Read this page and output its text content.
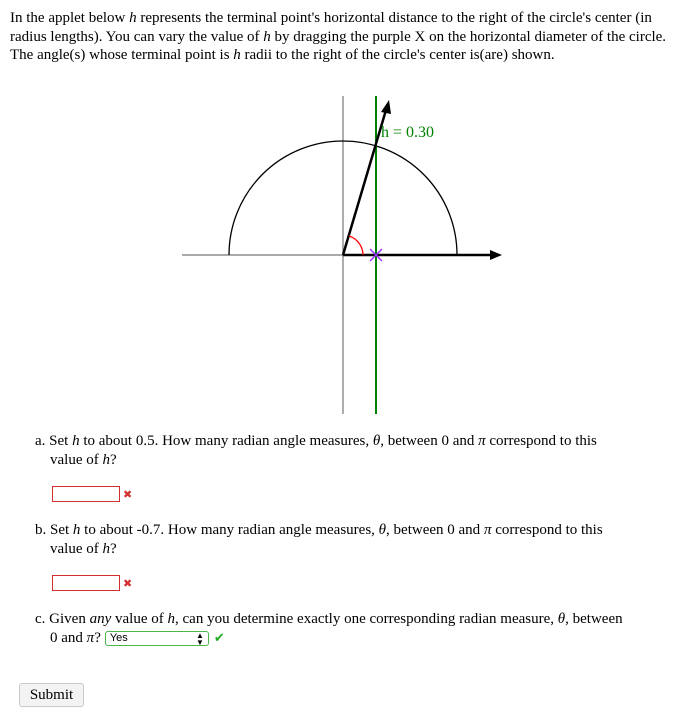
In the applet below h represents the terminal point's horizontal distance to the right of the circle's center (in radius lengths). You can vary the value of h by dragging the purple X on the horizontal diameter of the circle. The angle(s) whose terminal point is h radii to the right of the circle's center is(are) shown.
h = 0.30
a. Set h to about 0.5. How many radian angle measures, θ, between 0 and π correspond to this
value of h?
✖
b. Set h to about -0.7. How many radian angle measures, θ, between 0 and π correspond to this
value of h?
✖
c. Given any value of h, can you determine exactly one corresponding radian measure, θ, between
0 and π? Yes	▲
▼ ✔
Submit
